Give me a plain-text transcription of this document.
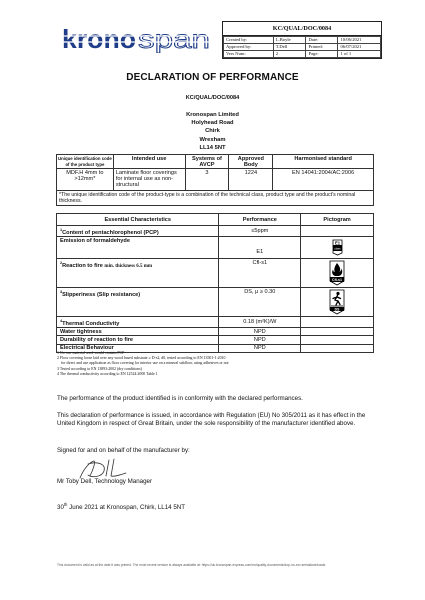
krono span	KC/QUAL/DOC/0084
Created by:	L.Boyle	Date:	10/06/2021
Approved by:	T.Dell	Printed:	06/07/2021
Vers Num:	2	Page:	1 of 1
DECLARATION OF PERFORMANCE
KC/QUAL/DOC/0084
Kronospan Limited
Holyhead Road
Chirk
Wrexham
LL14 5NT
Unique identification code of the product type	Intended use	Systems of AVCP	Approved Body	Harmonised standard
MDF.H 4mm to >12mm*	Laminate floor coverings for internal use as non-structural	3	1224	EN 14041:2004/AC:2006
*The unique identification code of the product-type is a combination of the technical class, product type and the product's nominal thickness.				
Essential Characteristics	Performance	Pictogram
$^1$Content of pentachlorophenol (PCP)	≤5ppm	
Emission of formaldehyde	E1	E1
class

$^2$Reaction to fire min. thickness 6.5 mm	Cfl-s1	Cfl-s1

$^3$Slipperiness (Slip resistance)	DS, μ ≥ 0.30	DS

$^4$Thermal Conductivity	0.18 (m²K)/W	
Water tightness	NPD	
Durability of reaction to fire	NPD	
Electrical Behaviour	NPD	

1 No raw material used would contain PCP

2 Floor covering loose laid over any wood based substrate ≥ D-s2, d0, tested according to EN 13501-1:2010

for direct and use application as floor covering for interior use on a mineral subfloor, using adhesives or not

3 Tested according to EN 13893:2002 (dry conditions)

4 The thermal conductivity according to EN 12524:2000 Table 1

The performance of the product identified is in conformity with the declared performances.
This declaration of performance is issued, in accordance with Regulation (EU) No 305/2011 as it has effect in the United Kingdom in respect of Great Britain, under the sole responsibility of the manufacturer identified above.
Signed for and on behalf of the manufacturer by:
Mr Toby Dell, Technology Manager
30th June 2021 at Kronospan, Chirk, LL14 5NT
This document is valid as at the date it was printed. The most recent version is always available at: https://uk.kronospan-express.com/en/quality-documents/dop-no-xxx.serialdownloads
